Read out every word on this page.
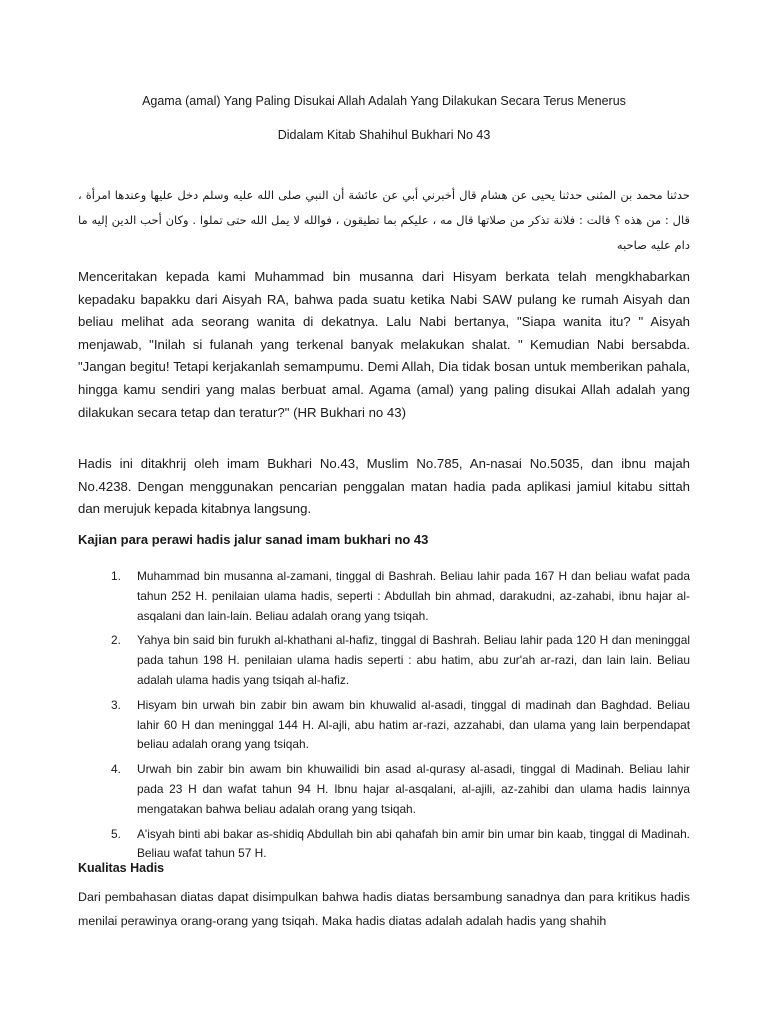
Agama (amal) Yang Paling Disukai Allah Adalah Yang Dilakukan Secara Terus Menerus
Didalam Kitab Shahihul Bukhari No 43
حدثنا محمد بن المثنى حدثنا يحيى عن هشام قال أخبرني أبي عن عائشة أن النبي صلى الله عليه وسلم دخل عليها وعندها امرأة ، قال : من هذه ؟ قالت : فلانة تذكر من صلاتها قال مه ، عليكم بما تطيقون ، فوالله لا يمل الله حتى تملوا . وكان أحب الدين إليه ما دام عليه صاحبه

Menceritakan kepada kami Muhammad bin musanna dari Hisyam berkata telah mengkhabarkan kepadaku bapakku dari Aisyah RA, bahwa pada suatu ketika Nabi SAW pulang ke rumah Aisyah dan beliau melihat ada seorang wanita di dekatnya. Lalu Nabi bertanya, "Siapa wanita itu? " Aisyah menjawab, "Inilah si fulanah yang terkenal banyak melakukan shalat. " Kemudian Nabi bersabda. "Jangan begitu! Tetapi kerjakanlah semampumu. Demi Allah, Dia tidak bosan untuk memberikan pahala, hingga kamu sendiri yang malas berbuat amal. Agama (amal) yang paling disukai Allah adalah yang dilakukan secara tetap dan teratur?" (HR Bukhari no 43)

Hadis ini ditakhrij oleh imam Bukhari No.43, Muslim No.785, An-nasai No.5035, dan ibnu majah No.4238. Dengan menggunakan pencarian penggalan matan hadia pada aplikasi jamiul kitabu sittah dan merujuk kepada kitabnya langsung.

Kajian para perawi hadis jalur sanad imam bukhari no 43

1. Muhammad bin musanna al-zamani, tinggal di Bashrah. Beliau lahir pada 167 H dan beliau wafat pada tahun 252 H. penilaian ulama hadis, seperti : Abdullah bin ahmad, darakudni, az-zahabi, ibnu hajar al-asqalani dan lain-lain. Beliau adalah orang yang tsiqah.
2. Yahya bin said bin furukh al-khathani al-hafiz, tinggal di Bashrah. Beliau lahir pada 120 H dan meninggal pada tahun 198 H. penilaian ulama hadis seperti : abu hatim, abu zur'ah ar-razi, dan lain lain. Beliau adalah ulama hadis yang tsiqah al-hafiz.
3. Hisyam bin urwah bin zabir bin awam bin khuwalid al-asadi, tinggal di madinah dan Baghdad. Beliau lahir 60 H dan meninggal 144 H. Al-ajli, abu hatim ar-razi, azzahabi, dan ulama yang lain berpendapat beliau adalah orang yang tsiqah.
4. Urwah bin zabir bin awam bin khuwailidi bin asad al-qurasy al-asadi, tinggal di Madinah. Beliau lahir pada 23 H dan wafat tahun 94 H. Ibnu hajar al-asqalani, al-ajili, az-zahibi dan ulama hadis lainnya mengatakan bahwa beliau adalah orang yang tsiqah.
5. A'isyah binti abi bakar as-shidiq Abdullah bin abi qahafah bin amir bin umar bin kaab, tinggal di Madinah. Beliau wafat tahun 57 H.

Kualitas Hadis

Dari pembahasan diatas dapat disimpulkan bahwa hadis diatas bersambung sanadnya dan para kritikus hadis menilai perawinya orang-orang yang tsiqah. Maka hadis diatas adalah adalah hadis yang shahih
